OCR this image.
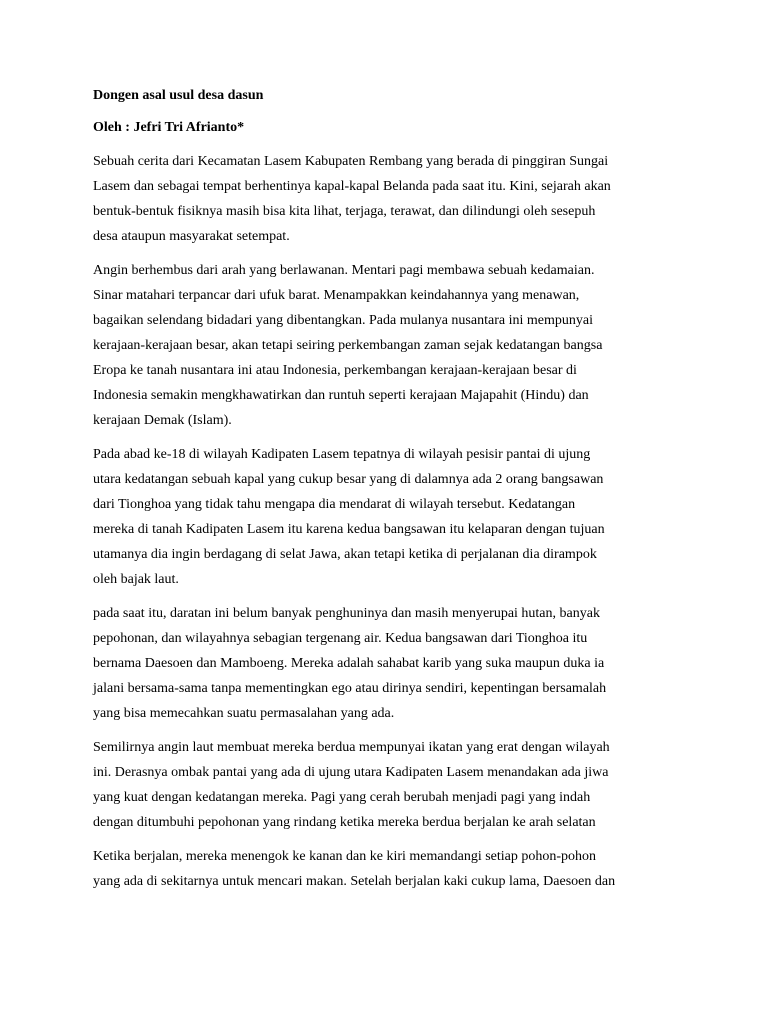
Dongen asal usul desa dasun
Oleh : Jefri Tri Afrianto*
Sebuah cerita dari Kecamatan Lasem Kabupaten Rembang yang berada di pinggiran Sungai
Lasem dan sebagai tempat berhentinya kapal-kapal Belanda pada saat itu. Kini, sejarah akan
bentuk-bentuk fisiknya masih bisa kita lihat, terjaga, terawat, dan dilindungi oleh sesepuh
desa ataupun masyarakat setempat.
Angin berhembus dari arah yang berlawanan. Mentari pagi membawa sebuah kedamaian.
Sinar matahari terpancar dari ufuk barat. Menampakkan keindahannya yang menawan,
bagaikan selendang bidadari yang dibentangkan. Pada mulanya nusantara ini mempunyai
kerajaan-kerajaan besar, akan tetapi seiring perkembangan zaman sejak kedatangan bangsa
Eropa ke tanah nusantara ini atau Indonesia, perkembangan kerajaan-kerajaan besar di
Indonesia semakin mengkhawatirkan dan runtuh seperti kerajaan Majapahit (Hindu) dan
kerajaan Demak (Islam).
Pada abad ke-18 di wilayah Kadipaten Lasem tepatnya di wilayah pesisir pantai di ujung
utara kedatangan sebuah kapal yang cukup besar yang di dalamnya ada 2 orang bangsawan
dari Tionghoa yang tidak tahu mengapa dia mendarat di wilayah tersebut. Kedatangan
mereka di tanah Kadipaten Lasem itu karena kedua bangsawan itu kelaparan dengan tujuan
utamanya dia ingin berdagang di selat Jawa, akan tetapi ketika di perjalanan dia dirampok
oleh bajak laut.
pada saat itu, daratan ini belum banyak penghuninya dan masih menyerupai hutan, banyak
pepohonan, dan wilayahnya sebagian tergenang air. Kedua bangsawan dari Tionghoa itu
bernama Daesoen dan Mamboeng. Mereka adalah sahabat karib yang suka maupun duka ia
jalani bersama-sama tanpa mementingkan ego atau dirinya sendiri, kepentingan bersamalah
yang bisa memecahkan suatu permasalahan yang ada.
Semilirnya angin laut membuat mereka berdua mempunyai ikatan yang erat dengan wilayah
ini. Derasnya ombak pantai yang ada di ujung utara Kadipaten Lasem menandakan ada jiwa
yang kuat dengan kedatangan mereka. Pagi yang cerah berubah menjadi pagi yang indah
dengan ditumbuhi pepohonan yang rindang ketika mereka berdua berjalan ke arah selatan
Ketika berjalan, mereka menengok ke kanan dan ke kiri memandangi setiap pohon-pohon
yang ada di sekitarnya untuk mencari makan. Setelah berjalan kaki cukup lama, Daesoen dan
